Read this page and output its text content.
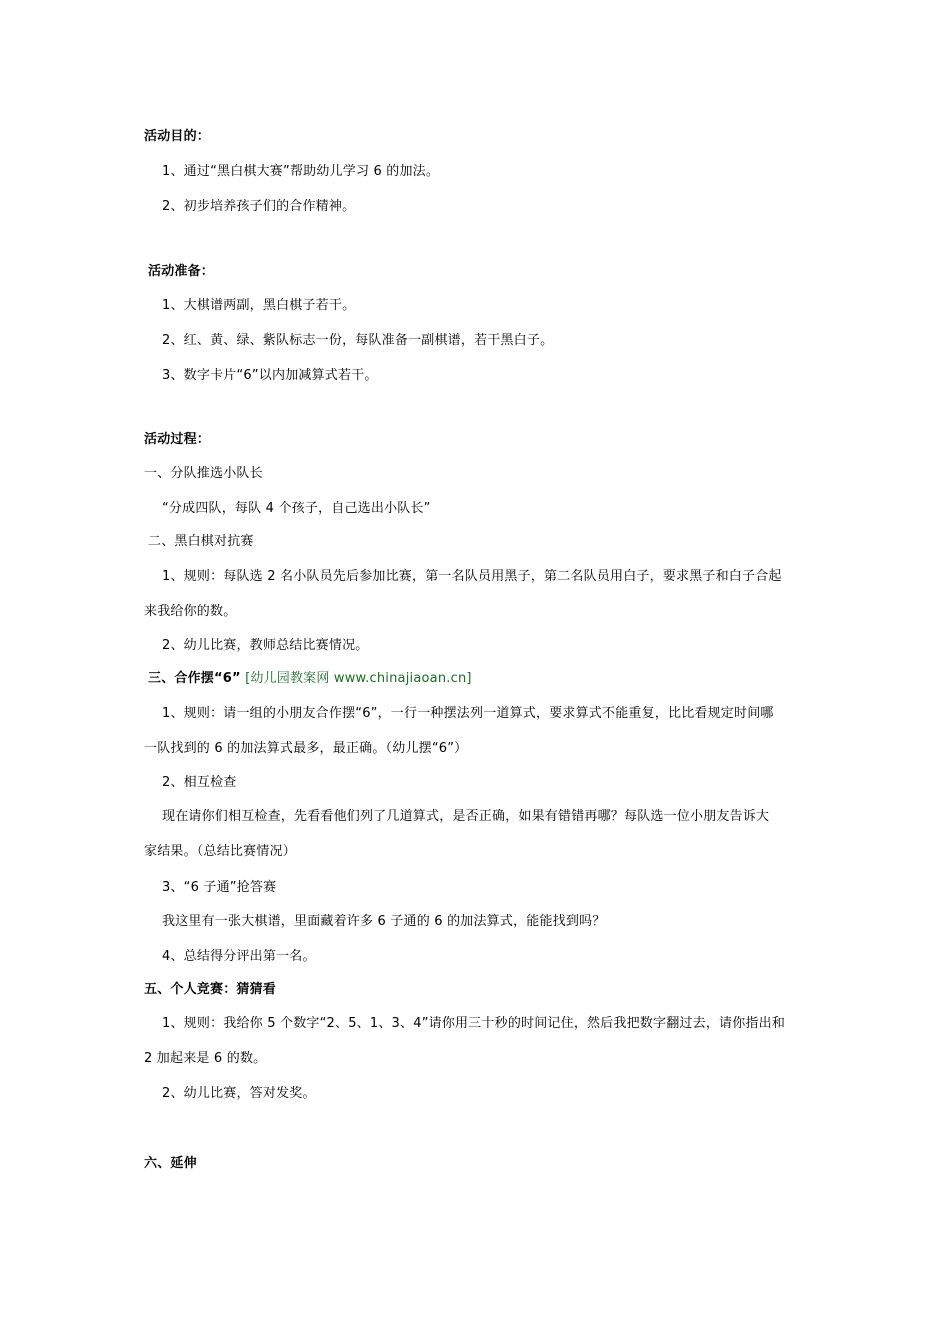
活动目的：
1、通过“黑白棋大赛”帮助幼儿学习 6 的加法。
2、初步培养孩子们的合作精神。
活动准备：
1、大棋谱两副，黑白棋子若干。
2、红、黄、绿、紫队标志一份，每队准备一副棋谱，若干黑白子。
3、数字卡片“6”以内加减算式若干。
活动过程：
一、分队推选小队长
“分成四队，每队 4 个孩子，自己选出小队长”
二、黑白棋对抗赛
1、规则：每队选 2 名小队员先后参加比赛，第一名队员用黑子，第二名队员用白子，要求黑子和白子合起
来我给你的数。
2、幼儿比赛，教师总结比赛情况。
三、合作摆“6” [幼儿园教案网 www.chinajiaoan.cn]
1、规则：请一组的小朋友合作摆“6”，一行一种摆法列一道算式，要求算式不能重复，比比看规定时间哪
一队找到的 6 的加法算式最多，最正确。（幼儿摆“6”）
2、相互检查
现在请你们相互检查，先看看他们列了几道算式，是否正确，如果有错错再哪？每队选一位小朋友告诉大
家结果。（总结比赛情况）
3、“6 子通”抢答赛
我这里有一张大棋谱，里面藏着许多 6 子通的 6 的加法算式，能能找到吗？
4、总结得分评出第一名。
五、个人竞赛：猜猜看
1、规则：我给你 5 个数字“2、5、1、3、4”请你用三十秒的时间记住，然后我把数字翻过去，请你指出和
2 加起来是 6 的数。
2、幼儿比赛，答对发奖。
六、延伸
